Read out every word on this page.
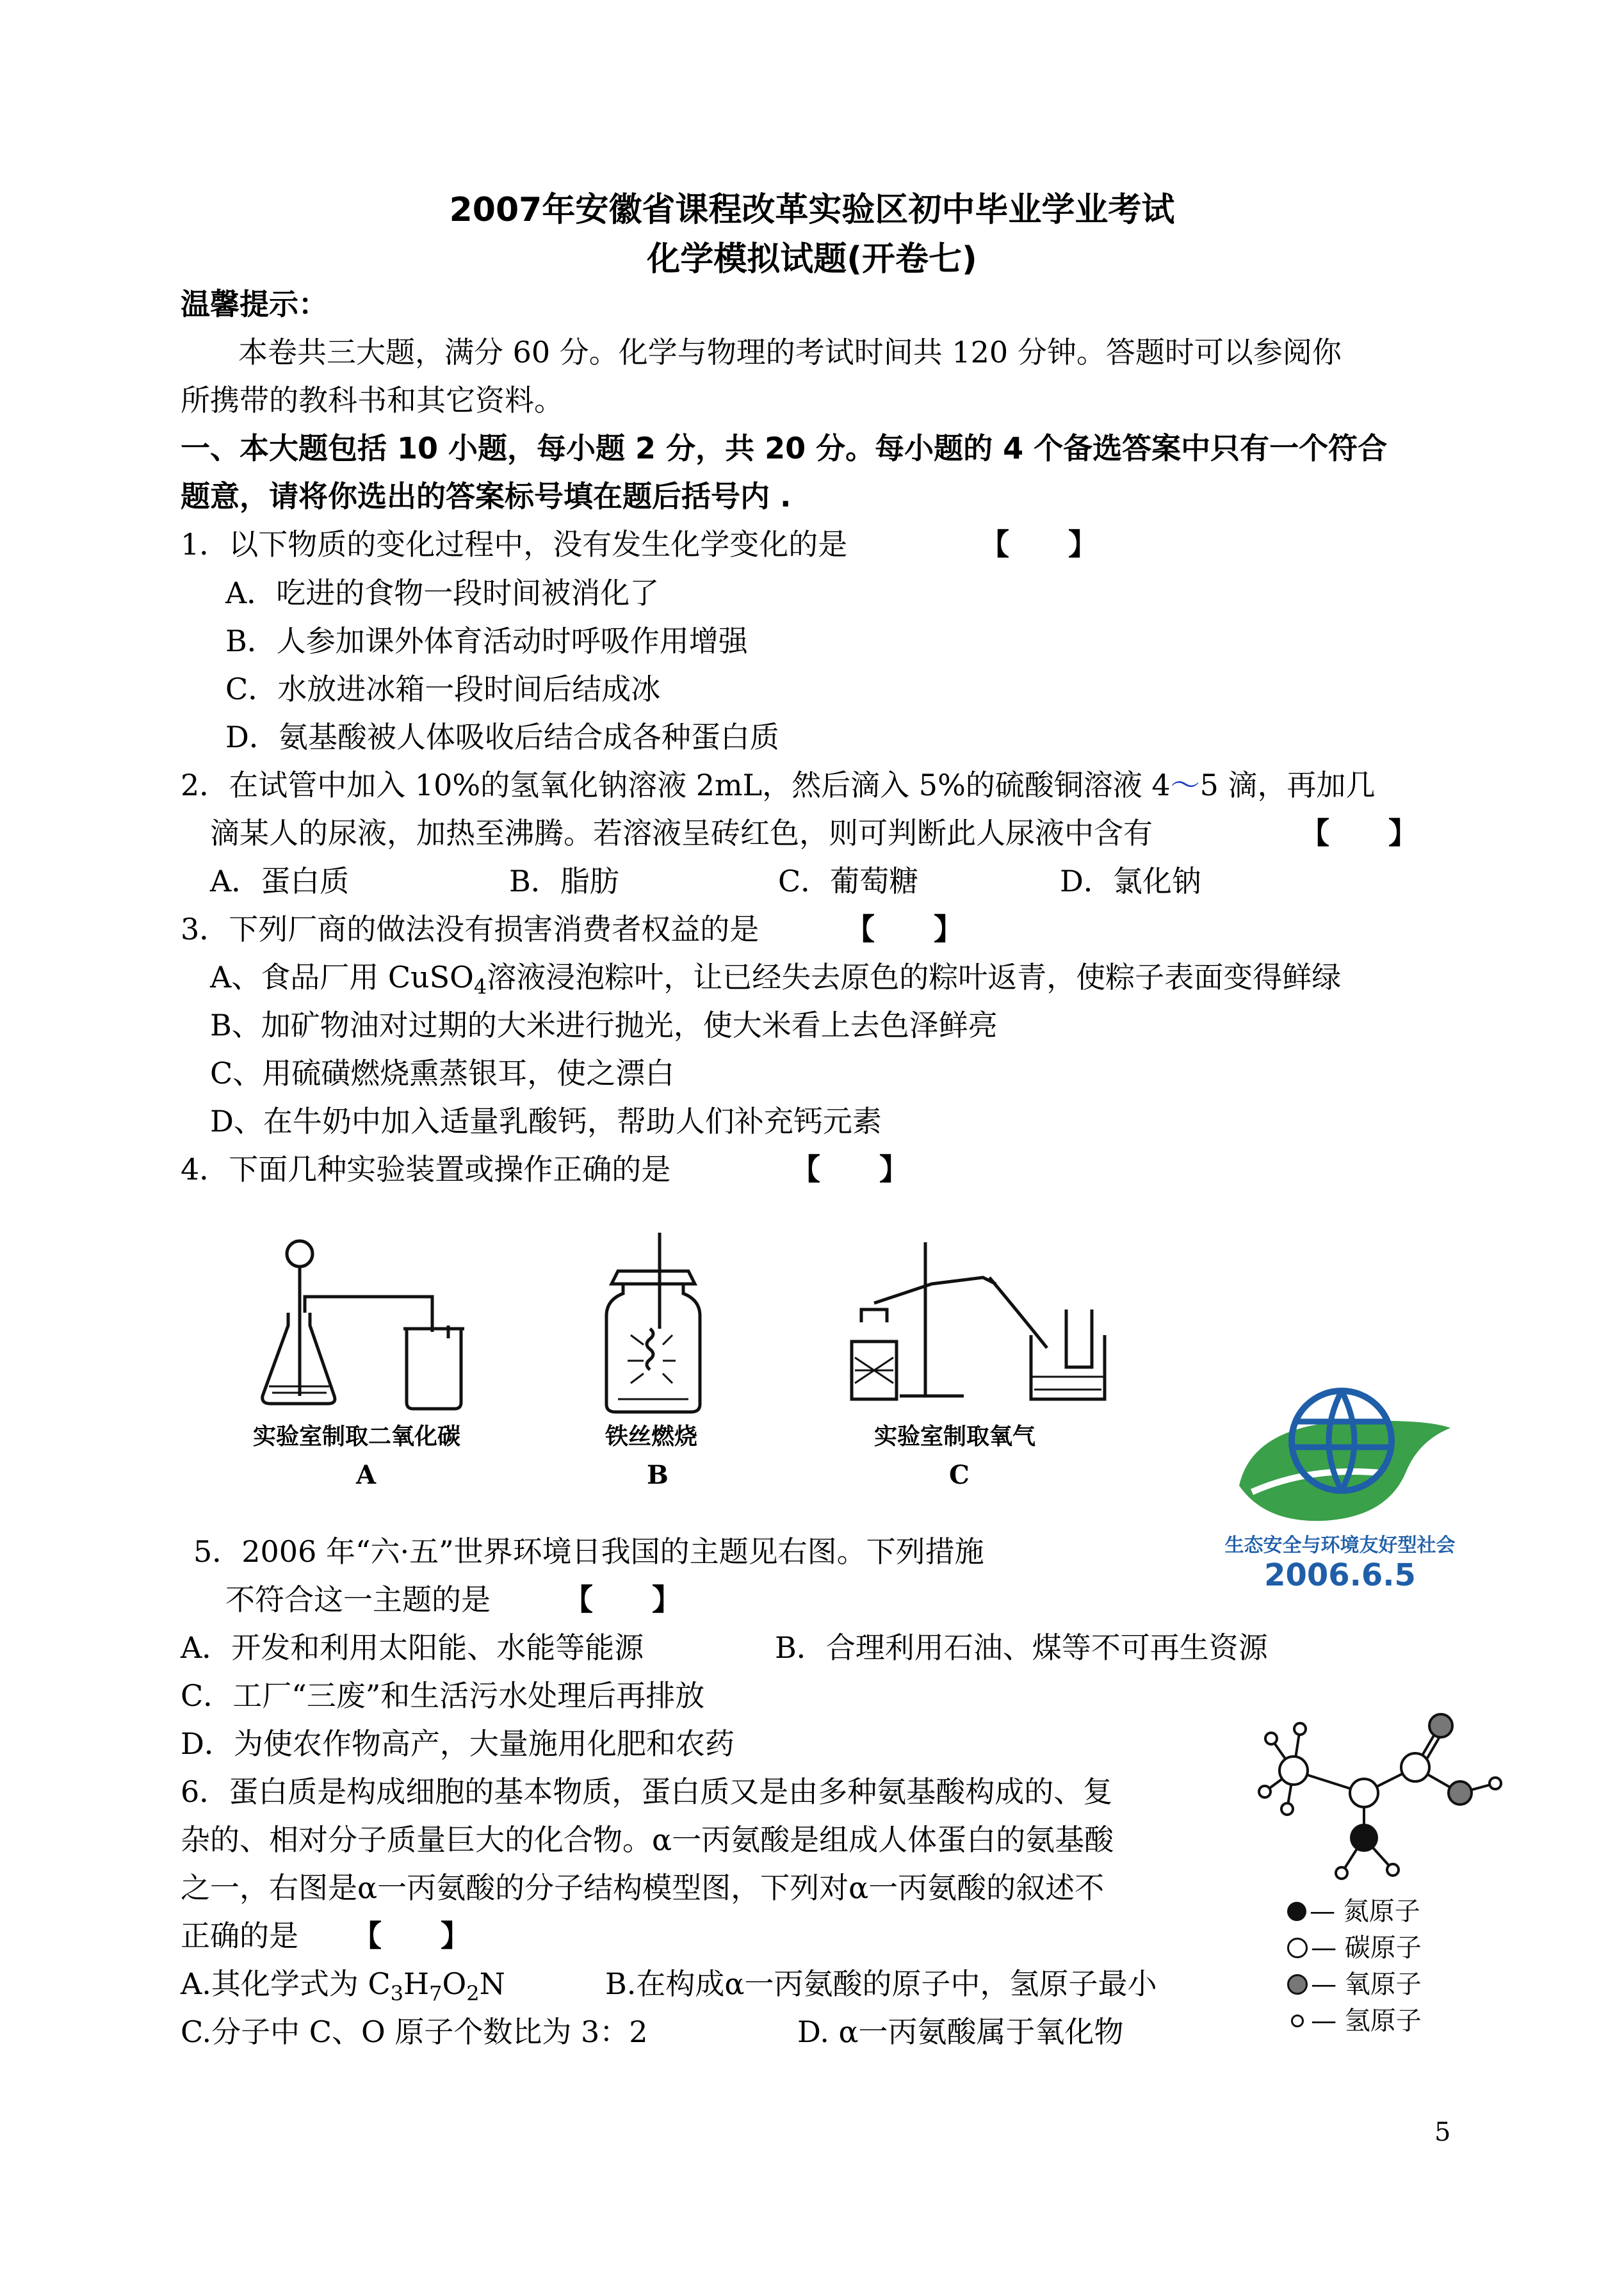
2007年安徽省课程改革实验区初中毕业学业考试
化学模拟试题(开卷七)
温馨提示：
本卷共三大题，满分 60 分。化学与物理的考试时间共 120 分钟。答题时可以参阅你
所携带的教科书和其它资料。
一、本大题包括 10 小题，每小题 2 分，共 20 分。每小题的 4 个备选答案中只有一个符合
题意，请将你选出的答案标号填在题后括号内 .
1．以下物质的变化过程中，没有发生化学变化的是	【　　】
A．吃进的食物一段时间被消化了
B．人参加课外体育活动时呼吸作用增强
C．水放进冰箱一段时间后结成冰
D．氨基酸被人体吸收后结合成各种蛋白质
2．在试管中加入 10%的氢氧化钠溶液 2mL，然后滴入 5%的硫酸铜溶液 4～5 滴，再加几
滴某人的尿液，加热至沸腾。若溶液呈砖红色，则可判断此人尿液中含有	【　　】
A．蛋白质	B．脂肪	C．葡萄糖	D．氯化钠
3．下列厂商的做法没有损害消费者权益的是	【　　】
A、食品厂用 CuSO$_4$溶液浸泡粽叶，让已经失去原色的粽叶返青，使粽子表面变得鲜绿
B、加矿物油对过期的大米进行抛光，使大米看上去色泽鲜亮
C、用硫磺燃烧熏蒸银耳，使之漂白
D、在牛奶中加入适量乳酸钙，帮助人们补充钙元素
4．下面几种实验装置或操作正确的是	【　　】
实验室制取二氧化碳
A
铁丝燃烧
B
实验室制取氧气
C
生态安全与环境友好型社会
2006.6.5
5．2006 年“六·五”世界环境日我国的主题见右图。下列措施
不符合这一主题的是 【　　】
A．开发和利用太阳能、水能等能源	B．合理利用石油、煤等不可再生资源
C．工厂“三废”和生活污水处理后再排放
D．为使农作物高产，大量施用化肥和农药
— 氮原子
— 碳原子
— 氧原子
— 氢原子
6．蛋白质是构成细胞的基本物质，蛋白质又是由多种氨基酸构成的、复
杂的、相对分子质量巨大的化合物。α一丙氨酸是组成人体蛋白的氨基酸
之一，右图是α一丙氨酸的分子结构模型图，下列对α一丙氨酸的叙述不
正确的是 【　　】
A.其化学式为 $C_3H_7O_2N$	B.在构成α一丙氨酸的原子中，氢原子最小
C.分子中 C、O 原子个数比为 3：2	D. α一丙氨酸属于氧化物
5
